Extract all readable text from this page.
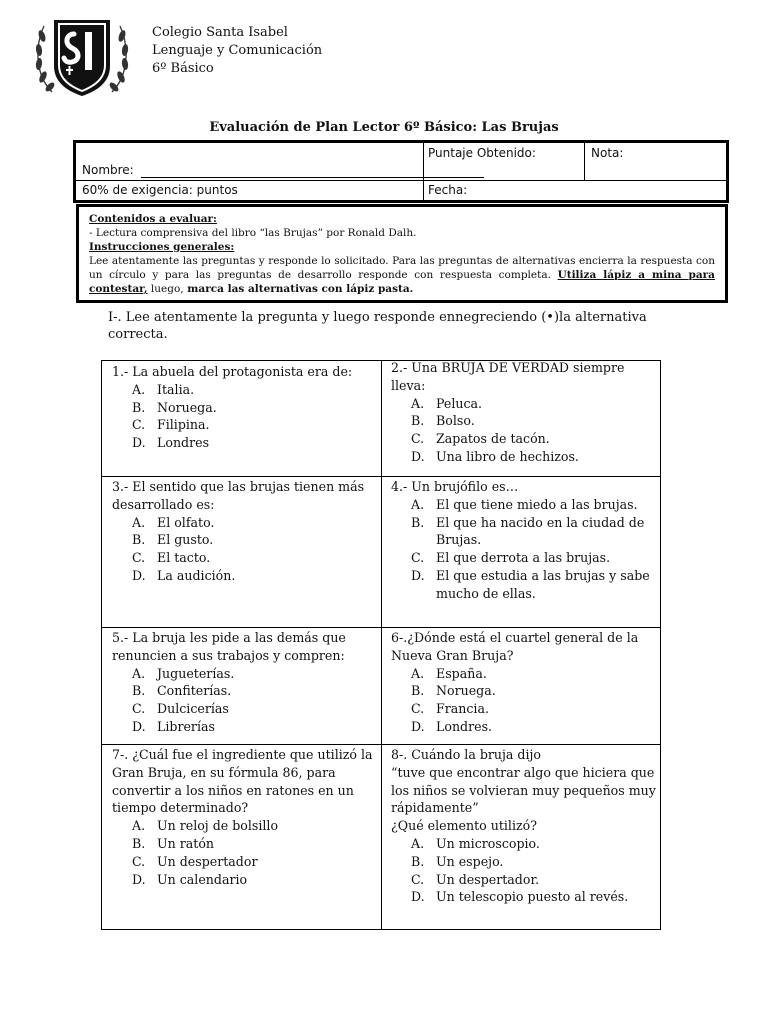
Colegio Santa Isabel
Lenguaje y Comunicación
6º Básico
Evaluación de Plan Lector 6º Básico: Las Brujas
Nombre:
Puntaje Obtenido:	Nota:
60% de exigencia: puntos	Fecha:
Contenidos a evaluar:
- Lectura comprensiva del libro “las Brujas” por Ronald Dalh.
Instrucciones generales:
Lee atentamente las preguntas y responde lo solicitado. Para las preguntas de alternativas encierra la respuesta con un círculo y para las preguntas de desarrollo responde con respuesta completa. Utiliza lápiz a mina para contestar, luego, marca las alternativas con lápiz pasta.
I-. Lee atentamente la pregunta y luego responde ennegreciendo (•)la alternativa correcta.
1.- La abuela del protagonista era de:
A. Italia.
B. Noruega.
C. Filipina.
D. Londres
2.- Una BRUJA DE VERDAD siempre lleva:
A. Peluca.
B. Bolso.
C. Zapatos de tacón.
D. Una libro de hechizos.
3.- El sentido que las brujas tienen más desarrollado es:
A. El olfato.
B. El gusto.
C. El tacto.
D. La audición.
4.- Un brujófilo es…
A. El que tiene miedo a las brujas.
B. El que ha nacido en la ciudad de Brujas.
C. El que derrota a las brujas.
D. El que estudia a las brujas y sabe mucho de ellas.
5.- La bruja les pide a las demás que renuncien a sus trabajos y compren:
A. Jugueterías.
B. Confiterías.
C. Dulcicerías
D. Librerías
6-.¿Dónde está el cuartel general de la Nueva Gran Bruja?
A. España.
B. Noruega.
C. Francia.
D. Londres.
7-. ¿Cuál fue el ingrediente que utilizó la Gran Bruja, en su fórmula 86, para convertir a los niños en ratones en un tiempo determinado?
A. Un reloj de bolsillo
B. Un ratón
C. Un despertador
D. Un calendario
8-. Cuándo la bruja dijo
“tuve que encontrar algo que hiciera que los niños se volvieran muy pequeños muy rápidamente”
¿Qué elemento utilizó?

A. Un microscopio.
B. Un espejo.
C. Un despertador.
D. Un telescopio puesto al revés.
